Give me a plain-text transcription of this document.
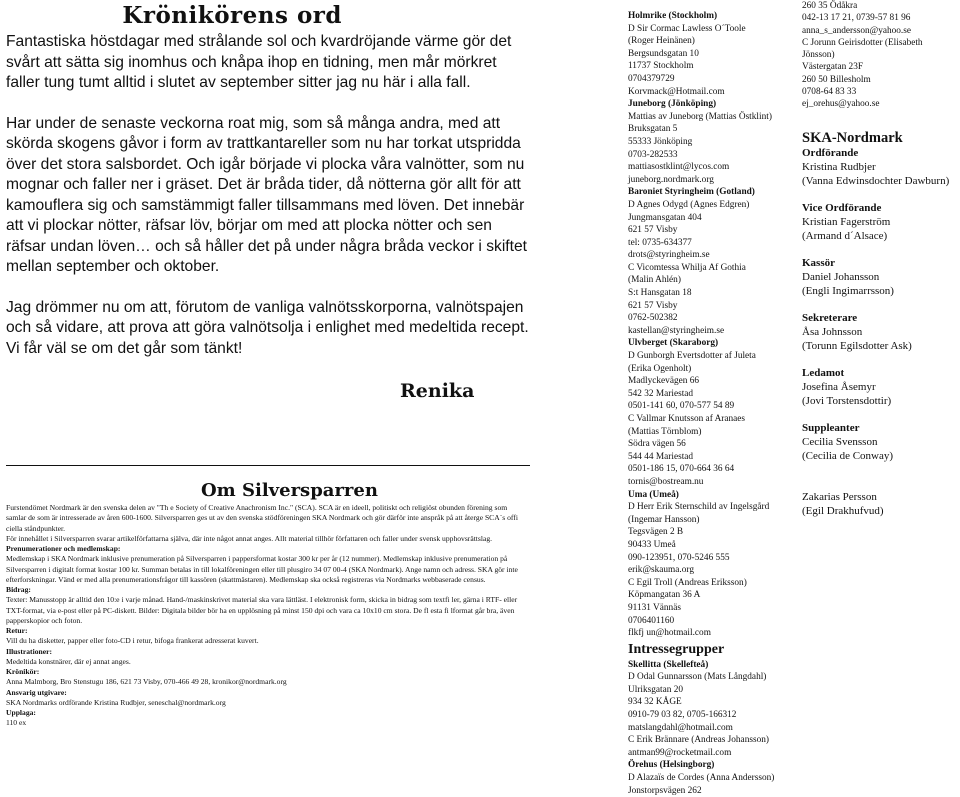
Krönikörens ord

Fantastiska höstdagar med strålande sol och kvardröjande värme gör det svårt att sätta sig inomhus och knåpa ihop en tidning, men mår mörkret faller tung tumt alltid i slutet av september sitter jag nu här i alla fall.

Har under de senaste veckorna roat mig, som så många andra, med att skörda skogens gåvor i form av trattkantareller som nu har torkat utspridda över det stora salsbordet. Och igår började vi plocka våra valnötter, som nu mognar och faller ner i gräset. Det är bråda tider, då nötterna gör allt för att kamouflera sig och samstämmigt faller tillsammans med löven. Det innebär att vi plockar nötter, räfsar löv, börjar om med att plocka nötter och sen räfsar undan löven… och så håller det på under några bråda veckor i skiftet mellan september och oktober.

Jag drömmer nu om att, förutom de vanliga valnötsskorporna, valnötspajen och så vidare, att prova att göra valnötsolja i enlighet med medeltida recept. Vi får väl se om det går som tänkt!

Renika
Om Silversparren

Furstendömet Nordmark är den svenska delen av "Th e Society of Creative Anachronism Inc." (SCA). SCA är en ideell, politiskt och religiöst obunden förening som samlar de som är intresserade av åren 600-1600. Silversparren ges ut av den svenska stödföreningen SKA Nordmark och gör därför inte anspråk på att återge SCA´s offi ciella ståndpunkter.

För innehållet i Silversparren svarar artikelförfattarna själva, där inte något annat anges. Allt material tillhör författaren och faller under svensk upphovsrättslag.

Prenumerationer och medlemskap:

Medlemskap i SKA Nordmark inklusive prenumeration på Silversparren i pappersformat kostar 300 kr per år (12 nummer). Medlemskap inklusive prenumeration på Silversparren i digitalt format kostar 100 kr. Summan betalas in till lokalföreningen eller till plusgiro 34 07 00-4 (SKA Nordmark). Ange namn och adress. SKA gör inte efterforskningar. Vänd er med alla prenumerationsfrågor till kassören (skattmästaren). Medlemskap ska också registreras via Nordmarks webbaserade census.

Bidrag:

Texter: Manusstopp är alltid den 10:e i varje månad. Hand-/maskinskrivet material ska vara lättläst. I elektronisk form, skicka in bidrag som textfi ler, gärna i RTF- eller TXT-format, via e-post eller på PC-diskett. Bilder: Digitala bilder bör ha en upplösning på minst 150 dpi och vara ca 10x10 cm stora. De fl esta fi lformat går bra, även papperskopior och foton.

Retur:

Vill du ha disketter, papper eller foto-CD i retur, bifoga frankerat adresserat kuvert.

Illustrationer:

Medeltida konstnärer, där ej annat anges.

Krönikör:

Anna Malmborg, Bro Stenstugu 186, 621 73 Visby, 070-466 49 28, kronikor@nordmark.org

Ansvarig utgivare:

SKA Nordmarks ordförande Kristina Rudbjer, seneschal@nordmark.org

Upplaga:

110 ex

Holmrike (Stockholm)
D Sir Cormac Lawless O´Toole
(Roger Heinänen)
Bergsundsgatan 10
11737 Stockholm
0704379729
Korvmack@Hotmail.com
Juneborg (Jönköping)
Mattias av Juneborg (Mattias Östklint)
Bruksgatan 5
55333 Jönköping
0703-282533
mattiasostklint@lycos.com
juneborg.nordmark.org
Baroniet Styringheim (Gotland)
D Agnes Odygd (Agnes Edgren)
Jungmansgatan 404
621 57 Visby
tel: 0735-634377
drots@styringheim.se
C Vicomtessa Whilja Af Gothia
(Malin Ahlén)
S:t Hansgatan 18
621 57 Visby
0762-502382
kastellan@styringheim.se
Ulvberget (Skaraborg)
D Gunborgh Evertsdotter af Juleta
(Erika Ogenholt)
Madlyckevägen 66
542 32 Mariestad
0501-141 60, 070-577 54 89
C Vallmar Knutsson af Aranaes
(Mattias Törnblom)
Södra vägen 56
544 44 Mariestad
0501-186 15, 070-664 36 64
tornis@bostream.nu
Uma (Umeå)
D Herr Erik Sternschild av Ingelsgård
(Ingemar Hansson)
Tegsvägen 2 B
90433 Umeå
090-123951, 070-5246 555
erik@skauma.org
C Egil Troll (Andreas Eriksson)
Köpmangatan 36 A
91131 Vännäs
0706401160
flkfj un@hotmail.com
Intressegrupper
Skellitta (Skellefteå)
D Odal Gunnarsson (Mats Långdahl)
Ulriksgatan 20
934 32 KÅGE
0910-79 03 82, 0705-166312
matslangdahl@hotmail.com
C Erik Brännare (Andreas Johansson)
antman99@rocketmail.com
Örehus (Helsingborg)
D Alazaïs de Cordes (Anna Andersson)
Jonstorpsvägen 262
260 35 Ödåkra
042-13 17 21, 0739-57 81 96
anna_s_andersson@yahoo.se
C Jorunn Geirisdotter (Elisabeth
Jönsson)
Västergatan 23F
260 50 Billesholm
0708-64 83 33
ej_orehus@yahoo.se
SKA-Nordmark
Ordförande
Kristina Rudbjer
(Vanna Edwinsdochter Dawburn)
Vice Ordförande
Kristian Fagerström
(Armand d´Alsace)
Kassör
Daniel Johansson
(Engli Ingimarrsson)
Sekreterare
Åsa Johnsson
(Torunn Egilsdotter Ask)
Ledamot
Josefina Åsemyr
(Jovi Torstensdottir)
Suppleanter
Cecilia Svensson
(Cecilia de Conway)

Zakarias Persson
(Egil Drakhufvud)
